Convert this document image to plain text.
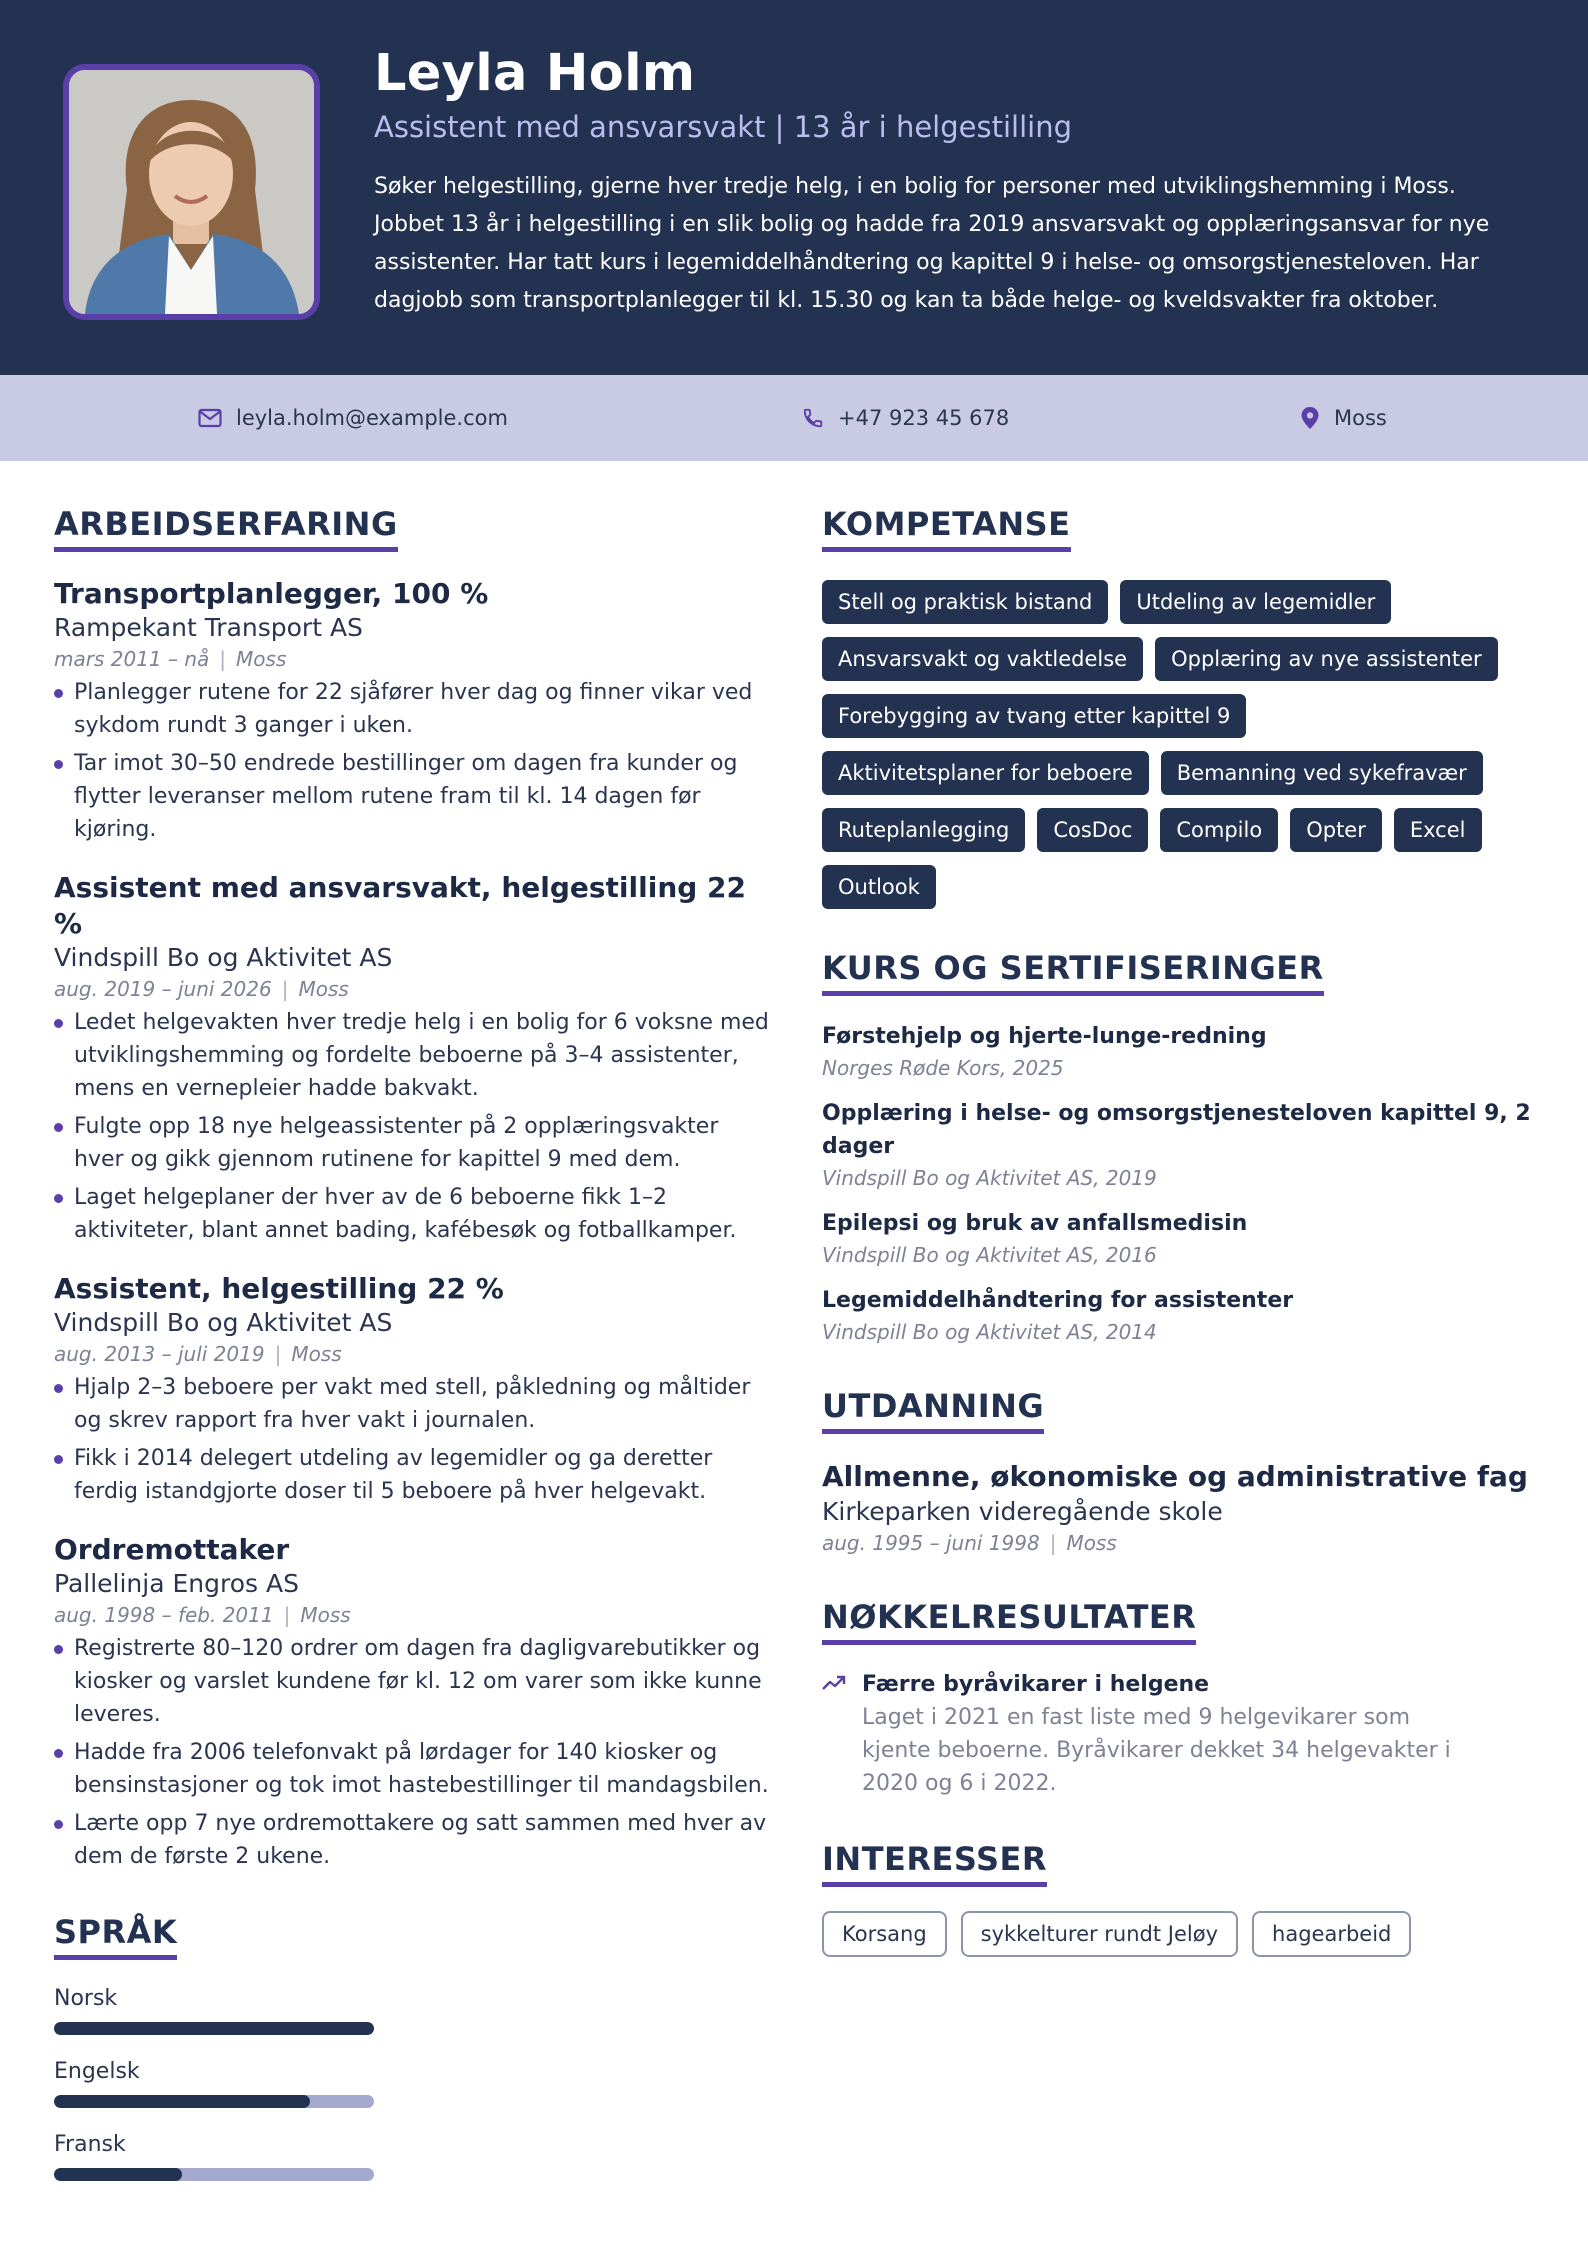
Leyla Holm
Assistent med ansvarsvakt | 13 år i helgestilling
Søker helgestilling, gjerne hver tredje helg, i en bolig for personer med utviklingshemming i Moss. Jobbet 13 år i helgestilling i en slik bolig og hadde fra 2019 ansvarsvakt og opplæringsansvar for nye assistenter. Har tatt kurs i legemiddelhåndtering og kapittel 9 i helse- og omsorgstjenesteloven. Har dagjobb som transportplanlegger til kl. 15.30 og kan ta både helge- og kveldsvakter fra oktober.
leyla.holm@example.com	+47 923 45 678	Moss
ARBEIDSERFARING
Transportplanlegger, 100 %
Rampekant Transport AS
mars 2011 – nå | Moss
Planlegger rutene for 22 sjåfører hver dag og finner vikar ved sykdom rundt 3 ganger i uken.
Tar imot 30–50 endrede bestillinger om dagen fra kunder og flytter leveranser mellom rutene fram til kl. 14 dagen før kjøring.
Assistent med ansvarsvakt, helgestilling 22 %
Vindspill Bo og Aktivitet AS
aug. 2019 – juni 2026 | Moss
Ledet helgevakten hver tredje helg i en bolig for 6 voksne med utviklingshemming og fordelte beboerne på 3–4 assistenter, mens en vernepleier hadde bakvakt.
Fulgte opp 18 nye helgeassistenter på 2 opplæringsvakter hver og gikk gjennom rutinene for kapittel 9 med dem.
Laget helgeplaner der hver av de 6 beboerne fikk 1–2 aktiviteter, blant annet bading, kafébesøk og fotballkamper.
Assistent, helgestilling 22 %
Vindspill Bo og Aktivitet AS
aug. 2013 – juli 2019 | Moss
Hjalp 2–3 beboere per vakt med stell, påkledning og måltider og skrev rapport fra hver vakt i journalen.
Fikk i 2014 delegert utdeling av legemidler og ga deretter ferdig istandgjorte doser til 5 beboere på hver helgevakt.
Ordremottaker
Pallelinja Engros AS
aug. 1998 – feb. 2011 | Moss
Registrerte 80–120 ordrer om dagen fra dagligvarebutikker og kiosker og varslet kundene før kl. 12 om varer som ikke kunne leveres.
Hadde fra 2006 telefonvakt på lørdager for 140 kiosker og bensinstasjoner og tok imot hastebestillinger til mandagsbilen.
Lærte opp 7 nye ordremottakere og satt sammen med hver av dem de første 2 ukene.
SPRÅK
Norsk
Engelsk
Fransk
KOMPETANSE
Stell og praktisk bistand	Utdeling av legemidler
Ansvarsvakt og vaktledelse	Opplæring av nye assistenter
Forebygging av tvang etter kapittel 9
Aktivitetsplaner for beboere	Bemanning ved sykefravær
Ruteplanlegging	CosDoc	Compilo	Opter	Excel
Outlook
KURS OG SERTIFISERINGER
Førstehjelp og hjerte-lunge-redning
Norges Røde Kors, 2025
Opplæring i helse- og omsorgstjenesteloven kapittel 9, 2 dager
Vindspill Bo og Aktivitet AS, 2019
Epilepsi og bruk av anfallsmedisin
Vindspill Bo og Aktivitet AS, 2016
Legemiddelhåndtering for assistenter
Vindspill Bo og Aktivitet AS, 2014
UTDANNING
Allmenne, økonomiske og administrative fag
Kirkeparken videregående skole
aug. 1995 – juni 1998 | Moss
NØKKELRESULTATER
Færre byråvikarer i helgene
Laget i 2021 en fast liste med 9 helgevikarer som kjente beboerne. Byråvikarer dekket 34 helgevakter i 2020 og 6 i 2022.
INTERESSER
Korsang	sykkelturer rundt Jeløy	hagearbeid
